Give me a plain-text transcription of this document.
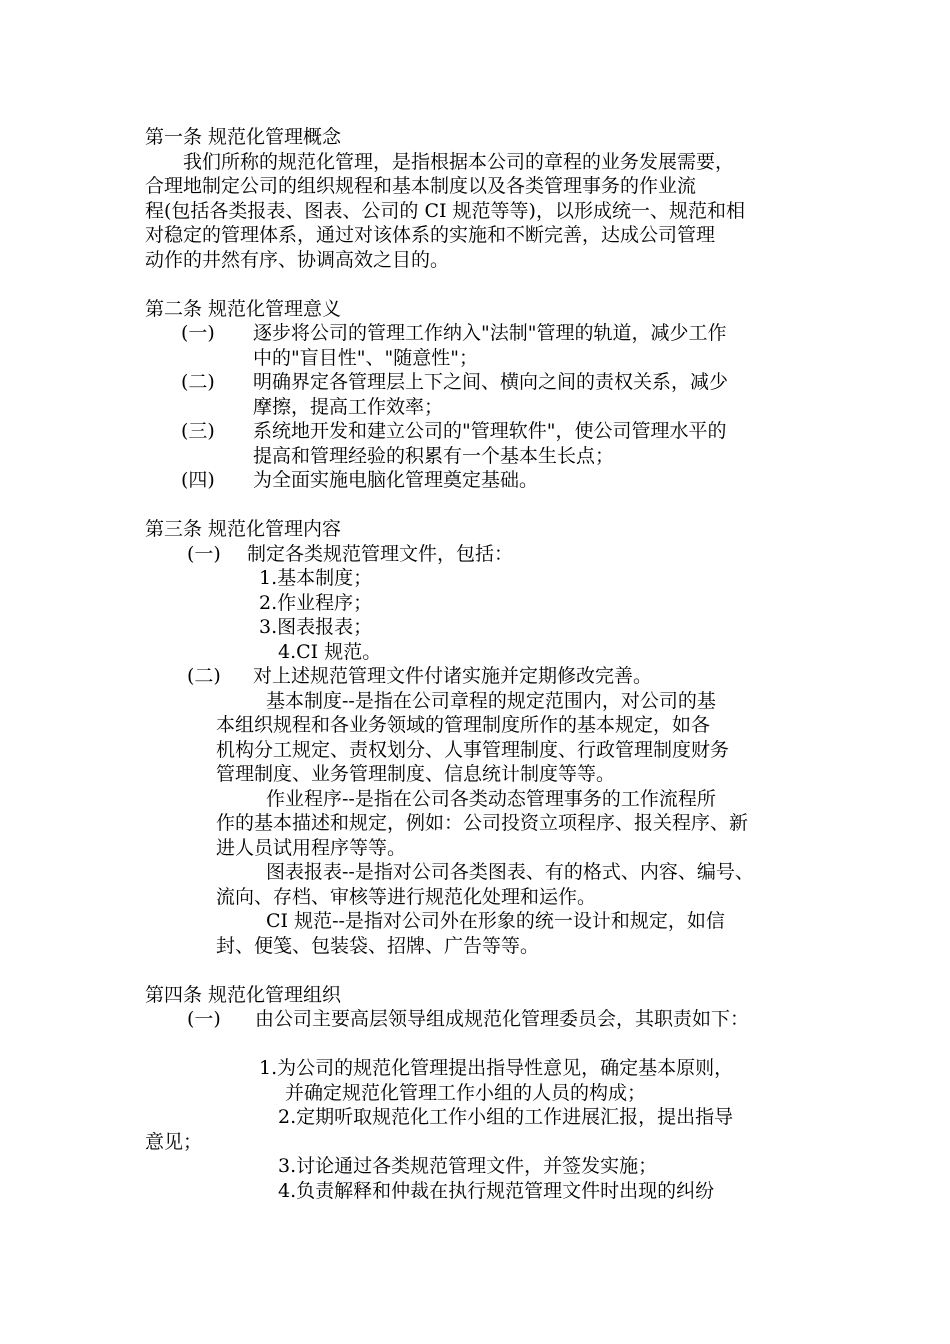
第一条 规范化管理概念
我们所称的规范化管理，是指根据本公司的章程的业务发展需要，
合理地制定公司的组织规程和基本制度以及各类管理事务的作业流
程(包括各类报表、图表、公司的 CI 规范等等)，以形成统一、规范和相
对稳定的管理体系，通过对该体系的实施和不断完善，达成公司管理
动作的井然有序、协调高效之目的。
第二条 规范化管理意义
(一)	逐步将公司的管理工作纳入"法制"管理的轨道，减少工作
中的"盲目性"、"随意性"；
(二)	明确界定各管理层上下之间、横向之间的责权关系，减少
摩擦，提高工作效率；
(三)	系统地开发和建立公司的"管理软件"，使公司管理水平的
提高和管理经验的积累有一个基本生长点；
(四)	为全面实施电脑化管理奠定基础。
第三条 规范化管理内容
(一)	制定各类规范管理文件，包括：
1.基本制度；
2.作业程序；
3.图表报表；
4.CI 规范。
(二)	对上述规范管理文件付诸实施并定期修改完善。
基本制度--是指在公司章程的规定范围内，对公司的基
本组织规程和各业务领域的管理制度所作的基本规定，如各
机构分工规定、责权划分、人事管理制度、行政管理制度财务
管理制度、业务管理制度、信息统计制度等等。
作业程序--是指在公司各类动态管理事务的工作流程所
作的基本描述和规定，例如：公司投资立项程序、报关程序、新
进人员试用程序等等。
图表报表--是指对公司各类图表、有的格式、内容、编号、
流向、存档、审核等进行规范化处理和运作。
CI 规范--是指对公司外在形象的统一设计和规定，如信
封、便笺、包装袋、招牌、广告等等。
第四条 规范化管理组织
(一)	由公司主要高层领导组成规范化管理委员会，其职责如下：
1.为公司的规范化管理提出指导性意见，确定基本原则，
并确定规范化管理工作小组的人员的构成；
2.定期听取规范化工作小组的工作进展汇报，提出指导
意见；
3.讨论通过各类规范管理文件，并签发实施；
4.负责解释和仲裁在执行规范管理文件时出现的纠纷
